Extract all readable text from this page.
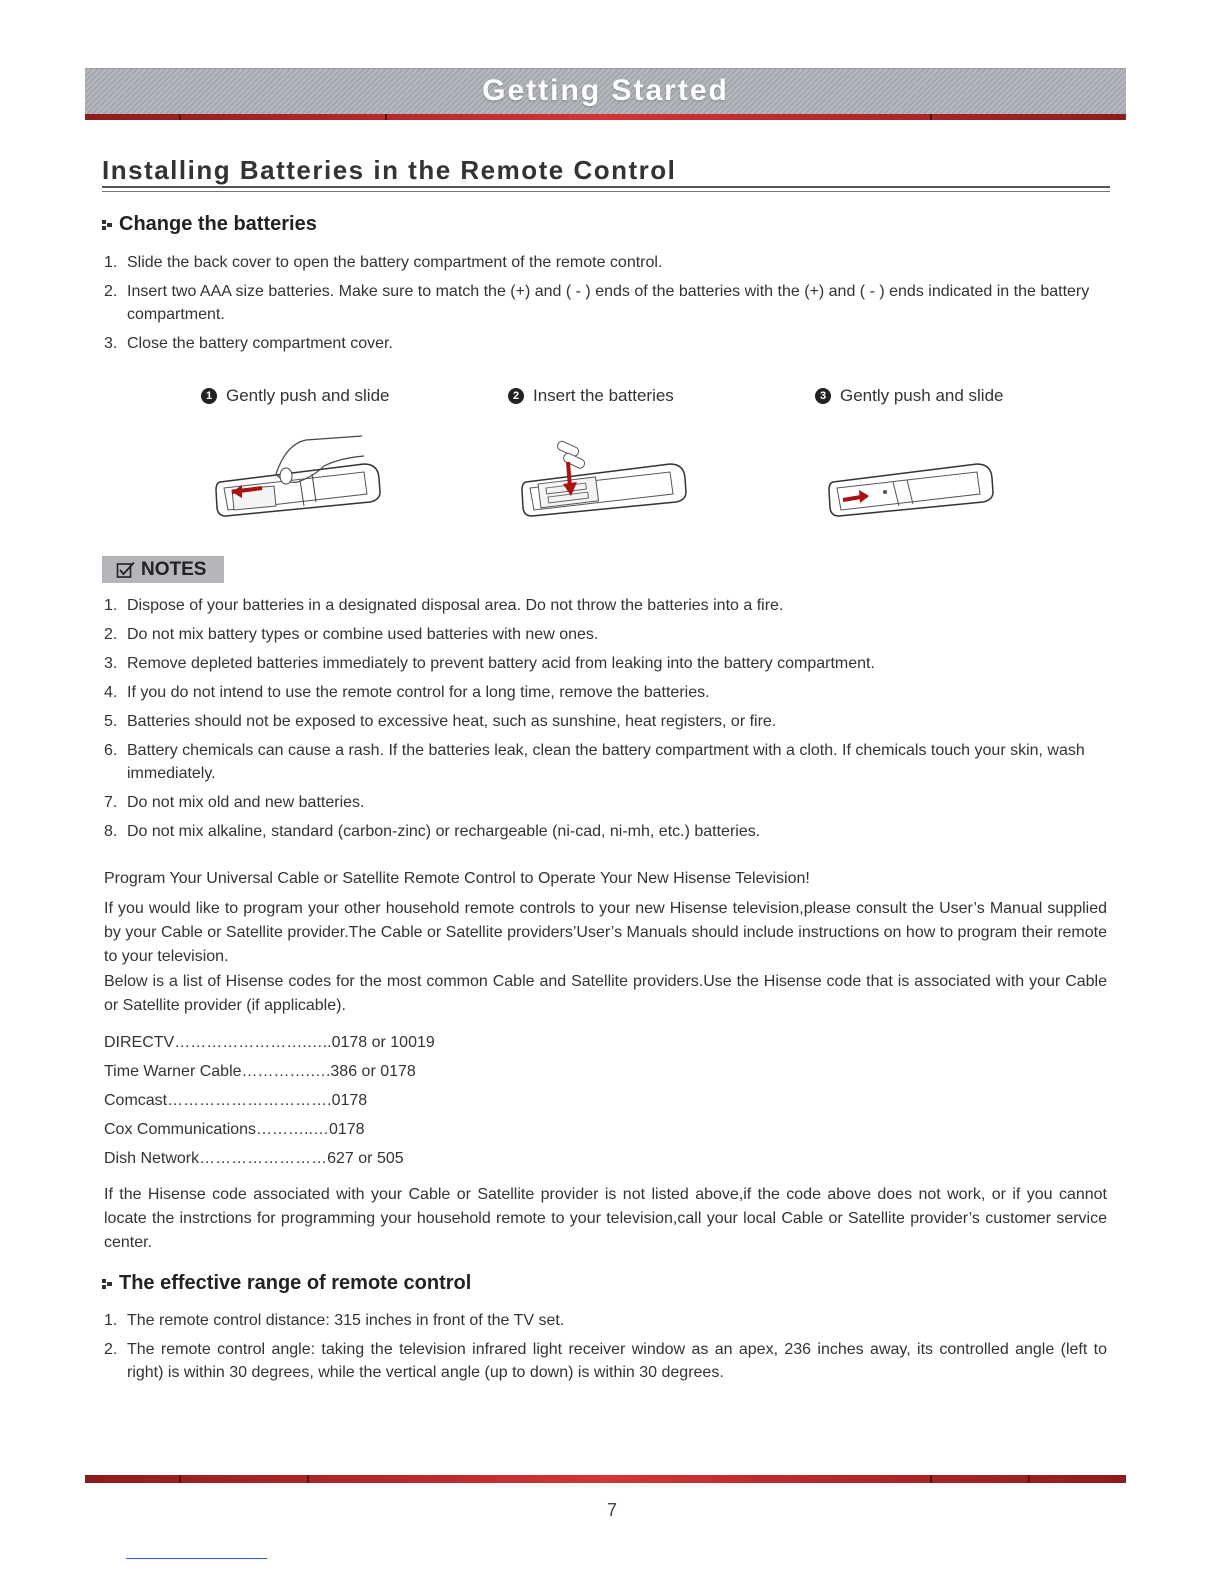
Getting Started
Installing Batteries in the Remote Control
Change the batteries
1. Slide the back cover to open the battery compartment of the remote control.
2. Insert two AAA size batteries. Make sure to match the (+) and ( - ) ends of the batteries with the (+) and ( - ) ends indicated in the battery compartment.
3. Close the battery compartment cover.
1 Gently push and slide	2 Insert the batteries	3 Gently push and slide
NOTES
1. Dispose of your batteries in a designated disposal area. Do not throw the batteries into a fire.
2. Do not mix battery types or combine used batteries with new ones.
3. Remove depleted batteries immediately to prevent battery acid from leaking into the battery compartment.
4. If you do not intend to use the remote control for a long time, remove the batteries.
5. Batteries should not be exposed to excessive heat, such as sunshine, heat registers, or fire.
6. Battery chemicals can cause a rash. If the batteries leak, clean the battery compartment with a cloth. If chemicals touch your skin, wash immediately.
7. Do not mix old and new batteries.
8. Do not mix alkaline, standard (carbon-zinc) or rechargeable (ni-cad, ni-mh, etc.) batteries.

Program Your Universal Cable or Satellite Remote Control to Operate Your New Hisense Television!

If you would like to program your other household remote controls to your new Hisense television,please consult the User’s Manual supplied by your Cable or Satellite provider.The Cable or Satellite providers’User’s Manuals should include instructions on how to program their remote to your television.

Below is a list of Hisense codes for the most common Cable and Satellite providers.Use the Hisense code that is associated with your Cable or Satellite provider (if applicable).

DIRECTV…………………….…..0178 or 10019
Time Warner Cable………….….386 or 0178
Comcast………………………….0178
Cox Communications………..…0178
Dish Network……………………627 or 505

If the Hisense code associated with your Cable or Satellite provider is not listed above,if the code above does not work, or if you cannot locate the instrctions for programming your household remote to your television,call your local Cable or Satellite provider’s customer service center.

The effective range of remote control
1. The remote control distance: 315 inches in front of the TV set.
2. The remote control angle: taking the television infrared light receiver window as an apex, 236 inches away, its controlled angle (left to right) is within 30 degrees, while the vertical angle (up to down) is within 30 degrees.
7
